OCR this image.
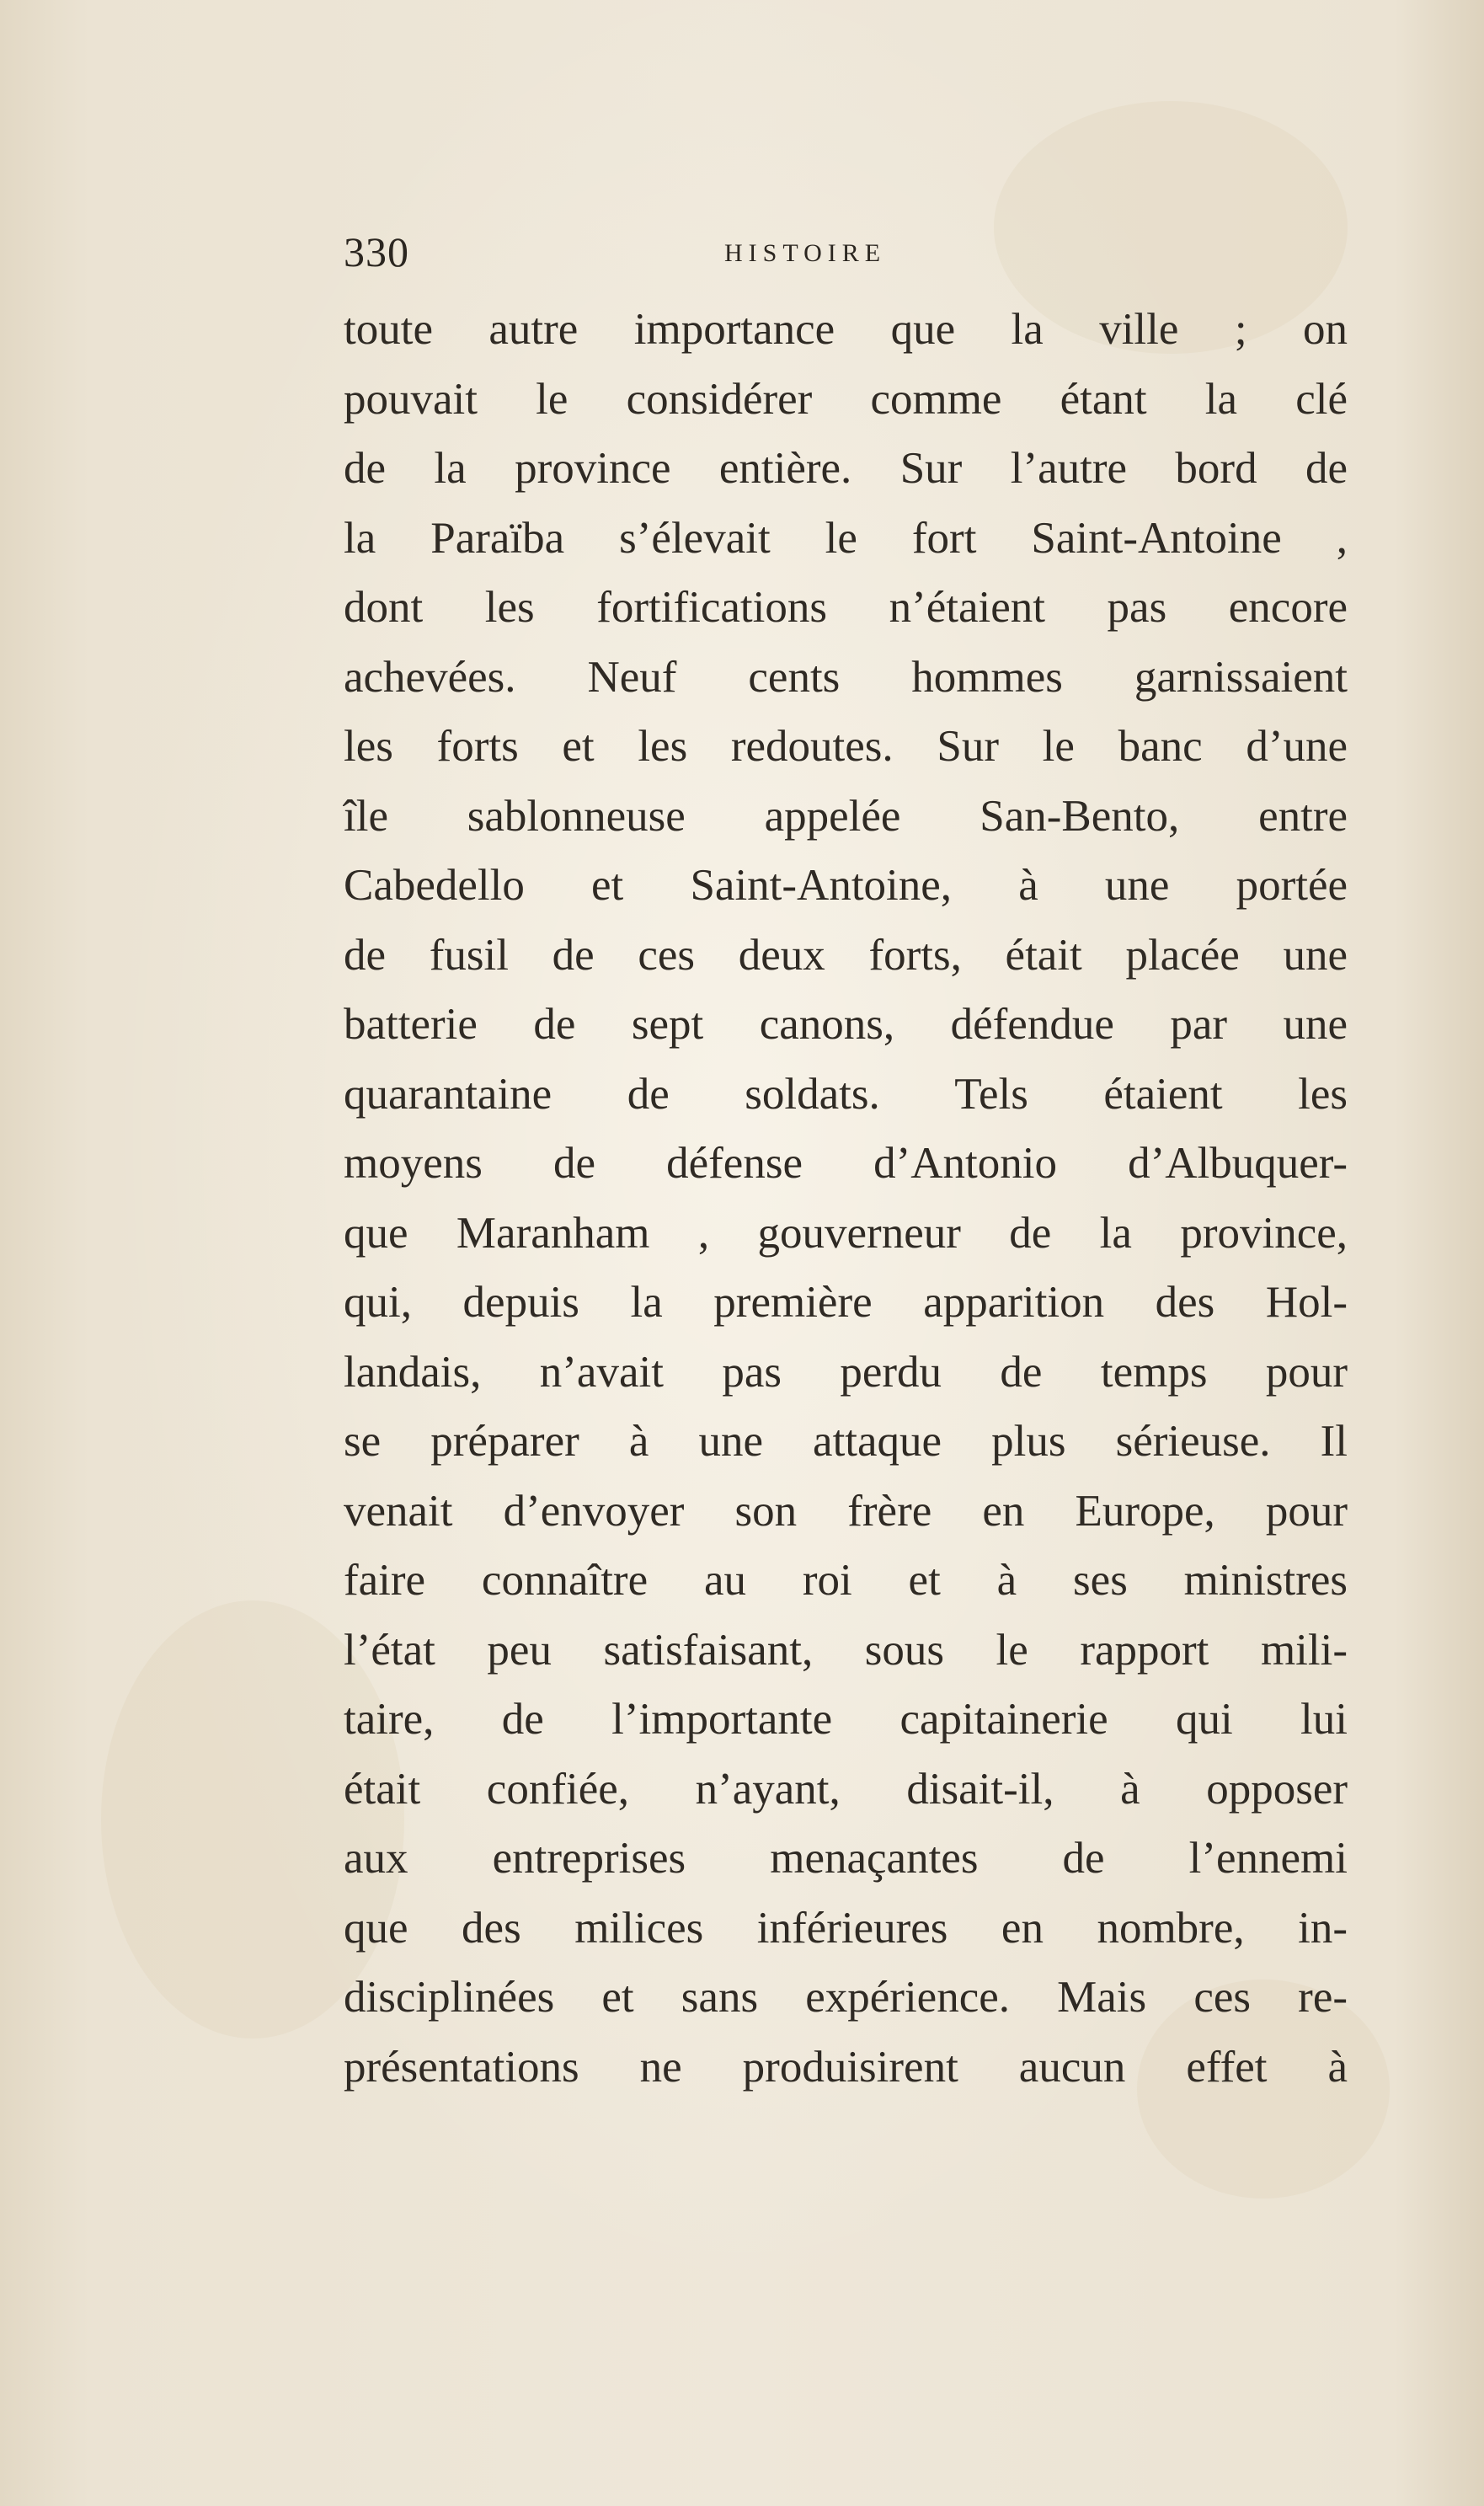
330	HISTOIRE
toute autre importance que la ville ; on
pouvait le considérer comme étant la clé
de la province entière. Sur l’autre bord de
la Paraïba s’élevait le fort Saint-Antoine ,
dont les fortifications n’étaient pas encore
achevées. Neuf cents hommes garnissaient
les forts et les redoutes. Sur le banc d’une
île sablonneuse appelée San-Bento, entre
Cabedello et Saint-Antoine, à une portée
de fusil de ces deux forts, était placée une
batterie de sept canons, défendue par une
quarantaine de soldats. Tels étaient les
moyens de défense d’Antonio d’Albuquer-
que Maranham , gouverneur de la province,
qui, depuis la première apparition des Hol-
landais, n’avait pas perdu de temps pour
se préparer à une attaque plus sérieuse. Il
venait d’envoyer son frère en Europe, pour
faire connaître au roi et à ses ministres
l’état peu satisfaisant, sous le rapport mili-
taire, de l’importante capitainerie qui lui
était confiée, n’ayant, disait-il, à opposer
aux entreprises menaçantes de l’ennemi
que des milices inférieures en nombre, in-
disciplinées et sans expérience. Mais ces re-
présentations ne produisirent aucun effet à
